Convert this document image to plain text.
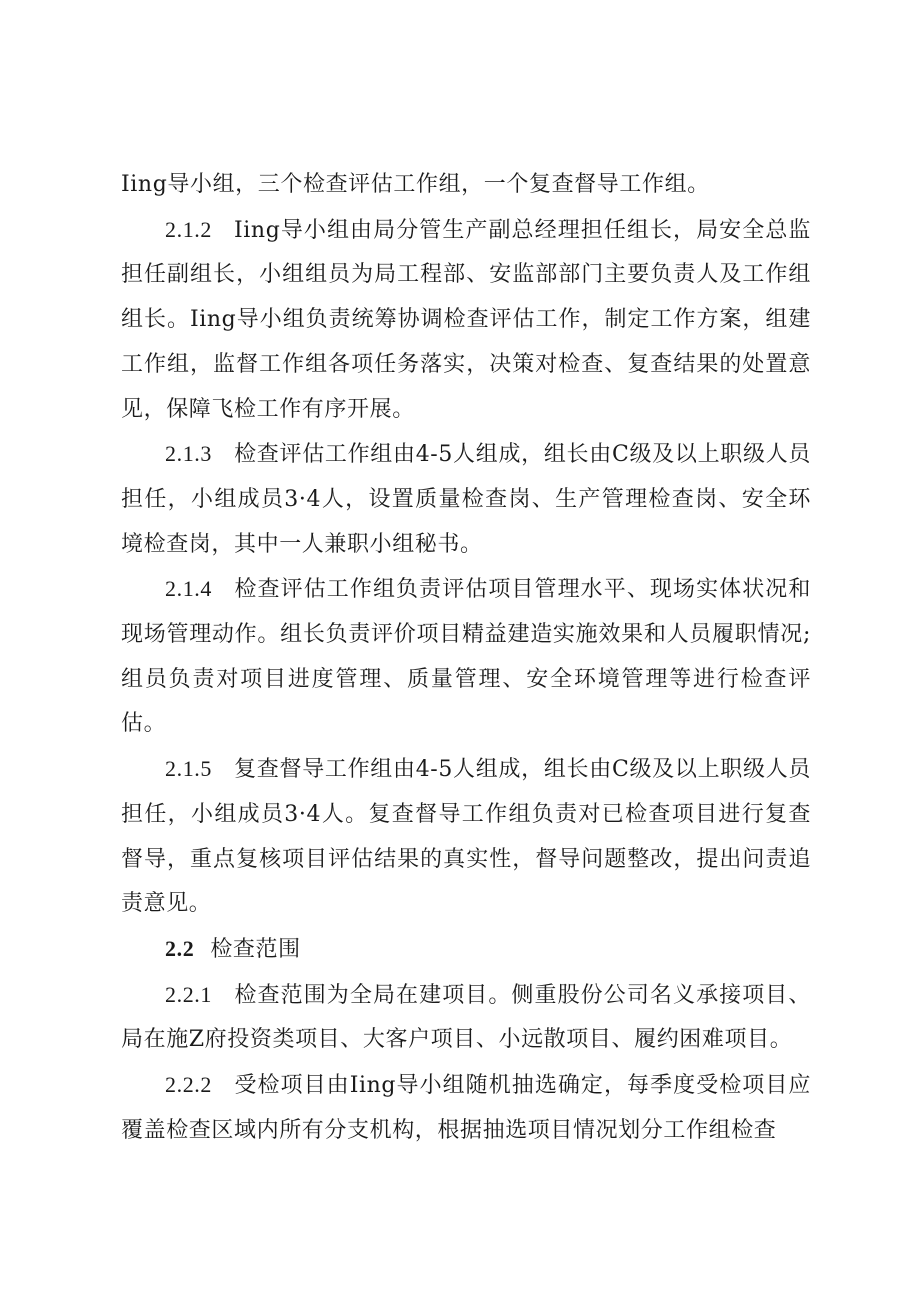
Iing导小组，三个检查评估工作组，一个复查督导工作组。

2.1.2 Iing导小组由局分管生产副总经理担任组长，局安全总监担任副组长，小组组员为局工程部、安监部部门主要负责人及工作组组长。Iing导小组负责统筹协调检查评估工作，制定工作方案，组建工作组，监督工作组各项任务落实，决策对检查、复查结果的处置意见，保障飞检工作有序开展。

2.1.3 检查评估工作组由4-5人组成，组长由C级及以上职级人员担任，小组成员3·4人，设置质量检查岗、生产管理检查岗、安全环境检查岗，其中一人兼职小组秘书。

2.1.4 检查评估工作组负责评估项目管理水平、现场实体状况和现场管理动作。组长负责评价项目精益建造实施效果和人员履职情况;组员负责对项目进度管理、质量管理、安全环境管理等进行检查评估。

2.1.5 复查督导工作组由4-5人组成，组长由C级及以上职级人员担任，小组成员3·4人。复查督导工作组负责对已检查项目进行复查督导，重点复核项目评估结果的真实性，督导问题整改，提出问责追责意见。

2.2 检查范围

2.2.1 检查范围为全局在建项目。侧重股份公司名义承接项目、局在施Z府投资类项目、大客户项目、小远散项目、履约困难项目。

2.2.2 受检项目由Iing导小组随机抽选确定，每季度受检项目应覆盖检查区域内所有分支机构，根据抽选项目情况划分工作组检查
